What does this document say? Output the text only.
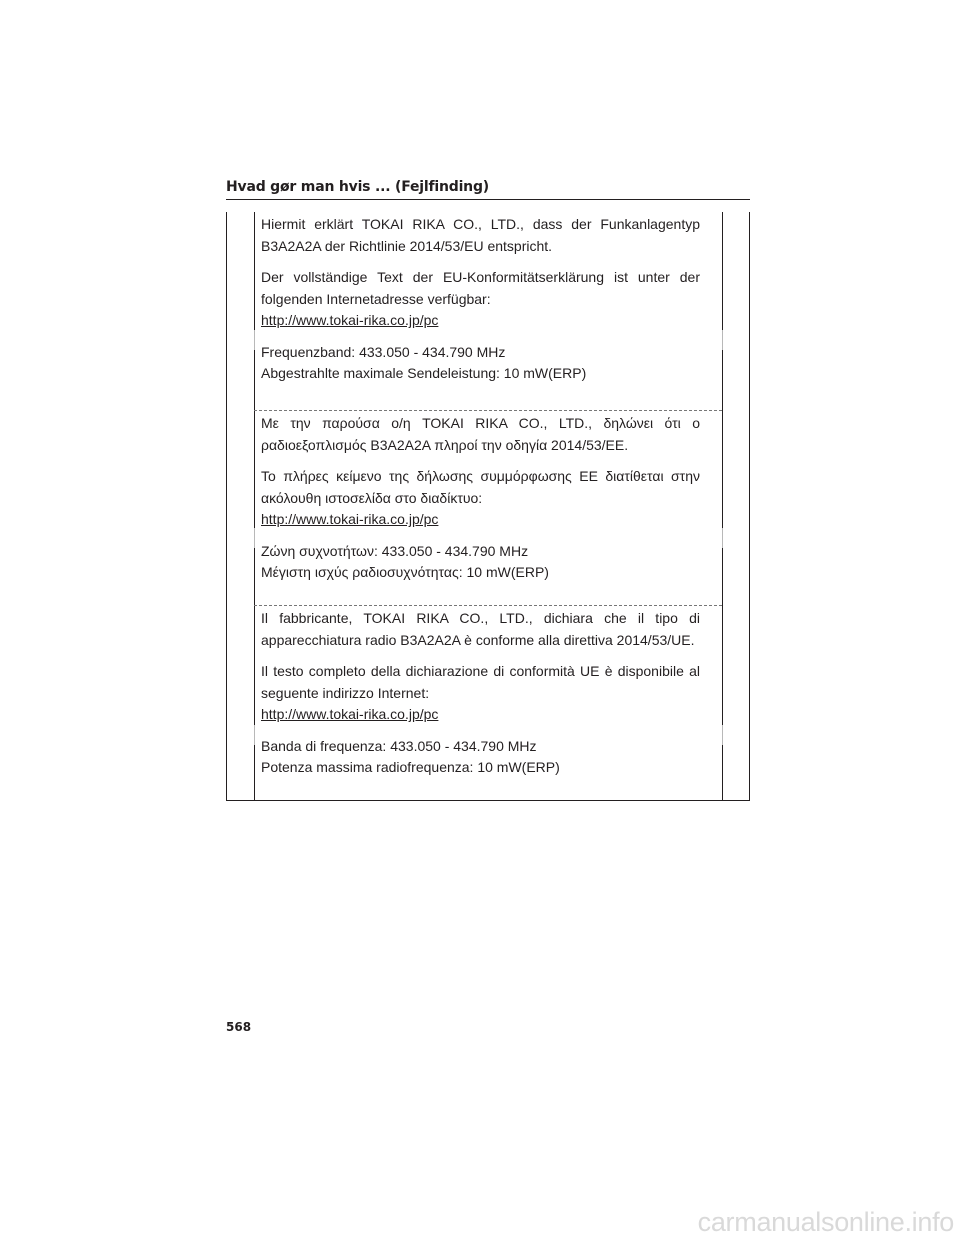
Hvad gør man hvis ... (Fejlfinding)

Hiermit erklärt TOKAI RIKA CO., LTD., dass der Funkanlagentyp B3A2A2A der Richtlinie 2014/53/EU entspricht.

Der vollständige Text der EU-Konformitätserklärung ist unter der folgenden Internetadresse verfügbar:

http://www.tokai-rika.co.jp/pc

Frequenzband: 433.050 - 434.790 MHz

Abgestrahlte maximale Sendeleistung: 10 mW(ERP)

Με την παρούσα ο/η TOKAI RIKA CO., LTD., δηλώνει ότι ο ραδιοεξοπλισμός B3A2A2A πληροί την οδηγία 2014/53/ΕΕ.

Το πλήρες κείμενο της δήλωσης συμμόρφωσης ΕΕ διατίθεται στην ακόλουθη ιστοσελίδα στο διαδίκτυο:

http://www.tokai-rika.co.jp/pc

Ζώνη συχνοτήτων: 433.050 - 434.790 MHz

Μέγιστη ισχύς ραδιοσυχνότητας: 10 mW(ERP)

Il fabbricante, TOKAI RIKA CO., LTD., dichiara che il tipo di apparecchiatura radio B3A2A2A è conforme alla direttiva 2014/53/UE.

Il testo completo della dichiarazione di conformità UE è disponibile al seguente indirizzo Internet:

http://www.tokai-rika.co.jp/pc

Banda di frequenza: 433.050 - 434.790 MHz

Potenza massima radiofrequenza: 10 mW(ERP)

568
carmanualsonline.info
